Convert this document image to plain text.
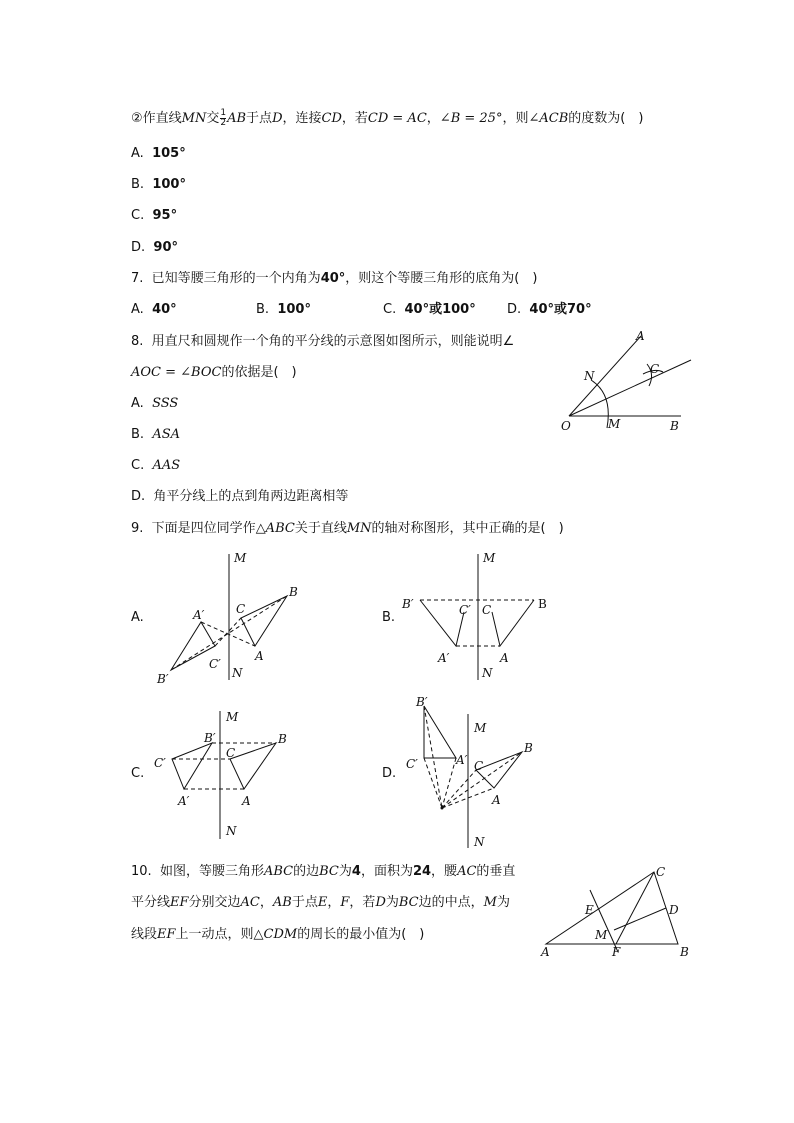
②作直线MN交 $\frac{1}{2}$ AB于点D，连接CD，若CD = AC，∠B = 25°，则∠ACB的度数为(　)
A. 105°
B. 100°
C. 95°
D. 90°
7. 已知等腰三角形的一个内角为40°，则这个等腰三角形的底角为(　)
A. 40°	B. 100°	C. 40°或100° D. 40°或70°
8. 用直尺和圆规作一个角的平分线的示意图如图所示，则能说明∠
AOC = ∠BOC的依据是(　)
A. SSS
B. ASA
C. AAS
D. 角平分线上的点到角两边距离相等
A
B
C
O	M
N
9. 下面是四位同学作△ABC关于直线MN的轴对称图形，其中正确的是(　)
A.	B.
C.	D.
M
N
A′
B′
C′
C
B
A
M
N
B′	C′ C	B
A′	A
M
N
C′
B′
C
B
A′	A
M
N
B′
C′	A′ C
B
A
10. 如图，等腰三角形ABC的边BC为4，面积为24，腰AC的垂直
平分线EF分别交边AC，AB于点E，F，若D为BC边的中点，M为
线段EF上一动点，则△CDM的周长的最小值为(　)
C
D
E
M
F
A	B
